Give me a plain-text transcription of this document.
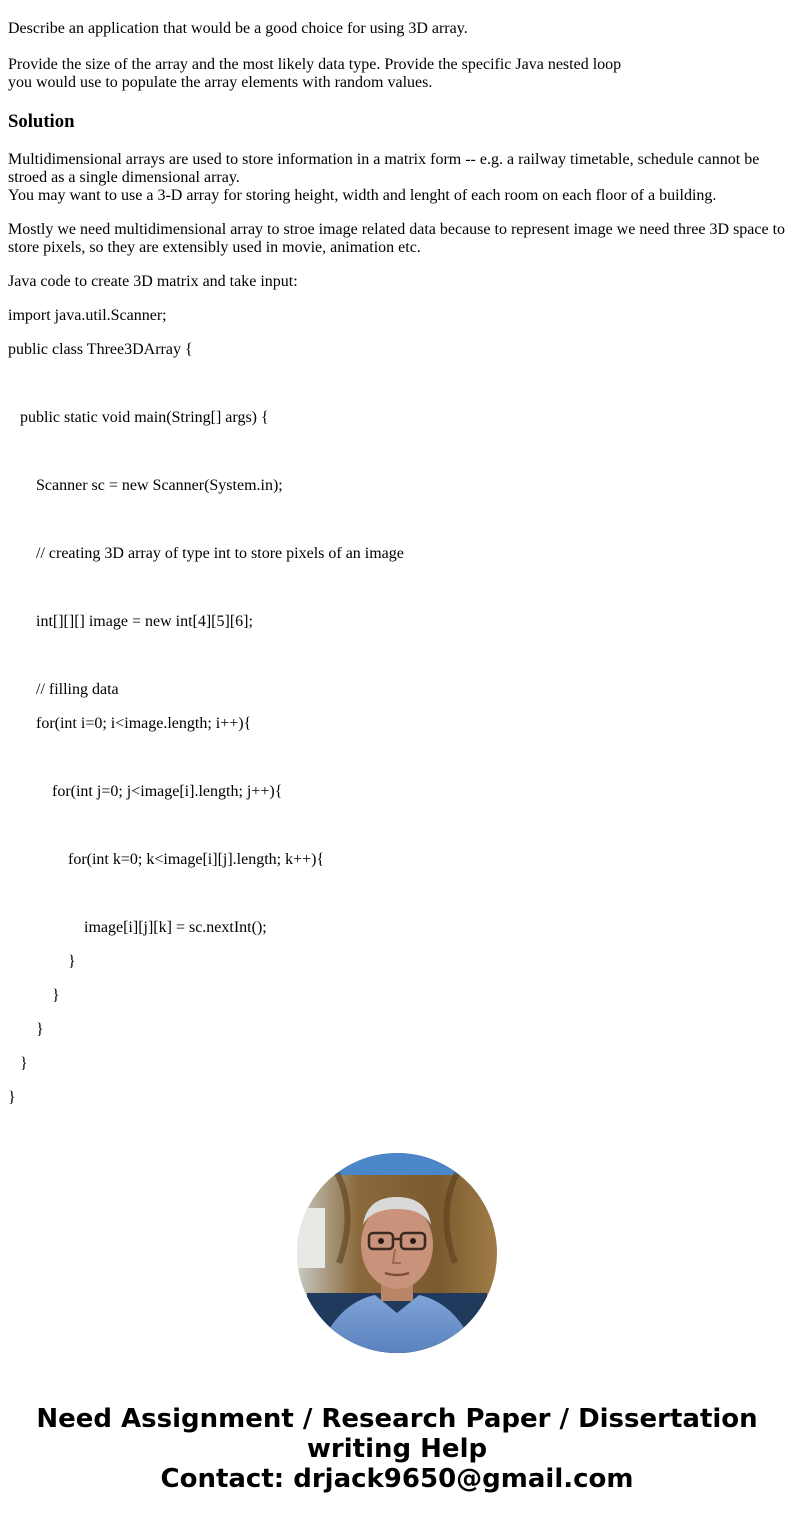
Describe an application that would be a good choice for using 3D array.

Provide the size of the array and the most likely data type. Provide the specific Java nested loop
you would use to populate the array elements with random values.

Solution

Multidimensional arrays are used to store information in a matrix form -- e.g. a railway timetable, schedule cannot be
stroed as a single dimensional array.
You may want to use a 3-D array for storing height, width and lenght of each room on each floor of a building.

Mostly we need multidimensional array to stroe image related data because to represent image we need three 3D space to
store pixels, so they are extensibly used in movie, animation etc.

Java code to create 3D matrix and take input:

import java.util.Scanner;

public class Three3DArray {

public static void main(String[] args) {

Scanner sc = new Scanner(System.in);

// creating 3D array of type int to store pixels of an image

int[][][] image = new int[4][5][6];

// filling data

for(int i=0; i<image.length; i++){

for(int j=0; j<image[i].length; j++){

for(int k=0; k<image[i][j].length; k++){

image[i][j][k] = sc.nextInt();

}

}

}

}

}

Need Assignment / Research Paper / Dissertation
writing Help
Contact: drjack9650@gmail.com
